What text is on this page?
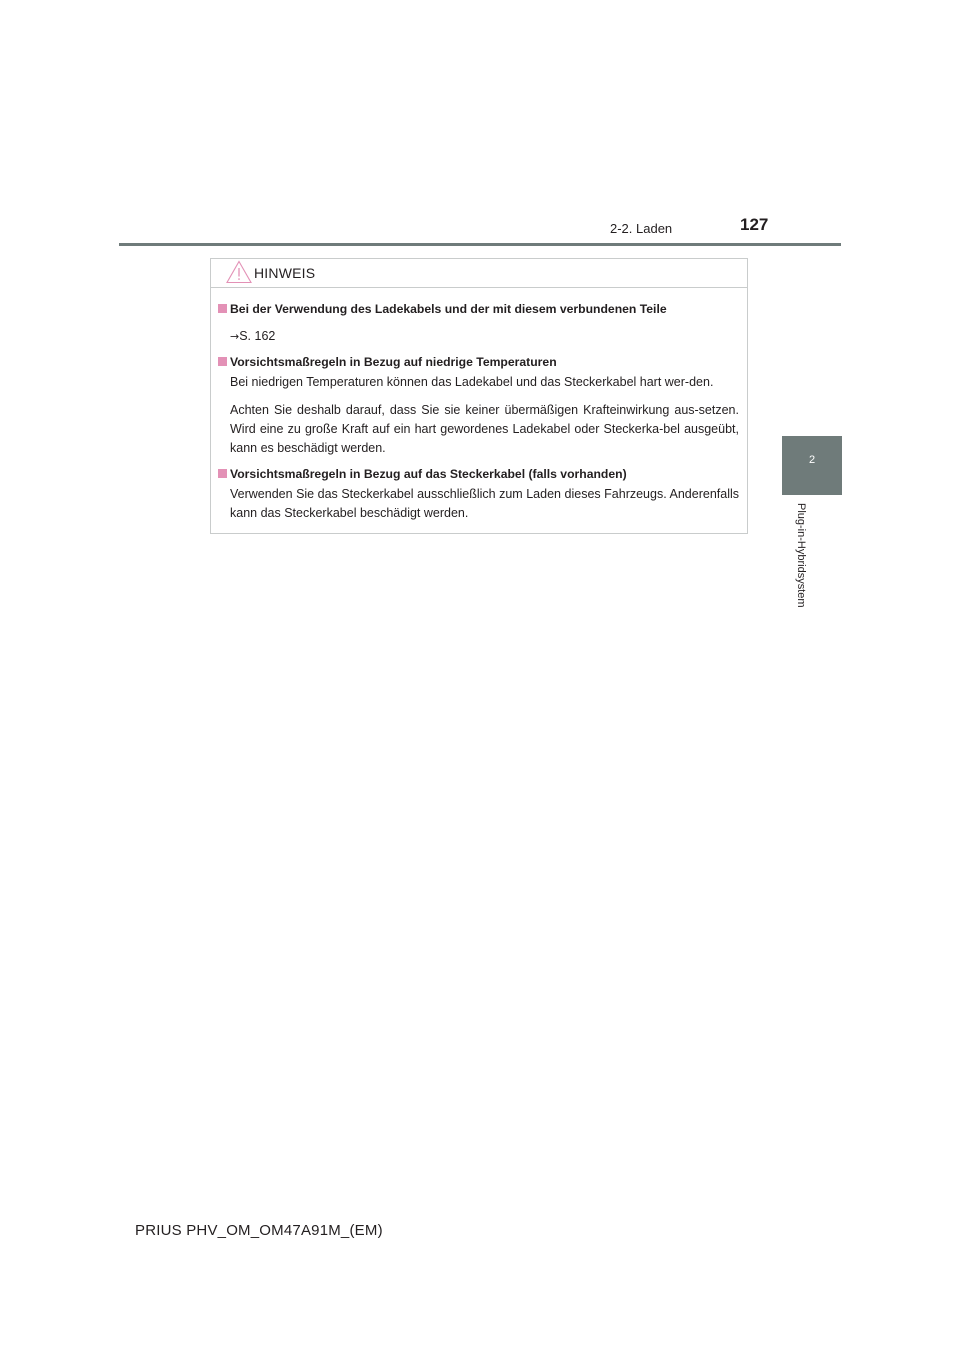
2-2. Laden	127
2
Plug-in-Hybridsystem
HINWEIS
Bei der Verwendung des Ladekabels und der mit diesem verbundenen Teile
→S. 162
Vorsichtsmaßregeln in Bezug auf niedrige Temperaturen
Bei niedrigen Temperaturen können das Ladekabel und das Steckerkabel hart wer-den.
Achten Sie deshalb darauf, dass Sie sie keiner übermäßigen Krafteinwirkung aus-setzen. Wird eine zu große Kraft auf ein hart gewordenes Ladekabel oder Steckerka-bel ausgeübt, kann es beschädigt werden.
Vorsichtsmaßregeln in Bezug auf das Steckerkabel (falls vorhanden)
Verwenden Sie das Steckerkabel ausschließlich zum Laden dieses Fahrzeugs. Anderenfalls kann das Steckerkabel beschädigt werden.
PRIUS PHV_OM_OM47A91M_(EM)
